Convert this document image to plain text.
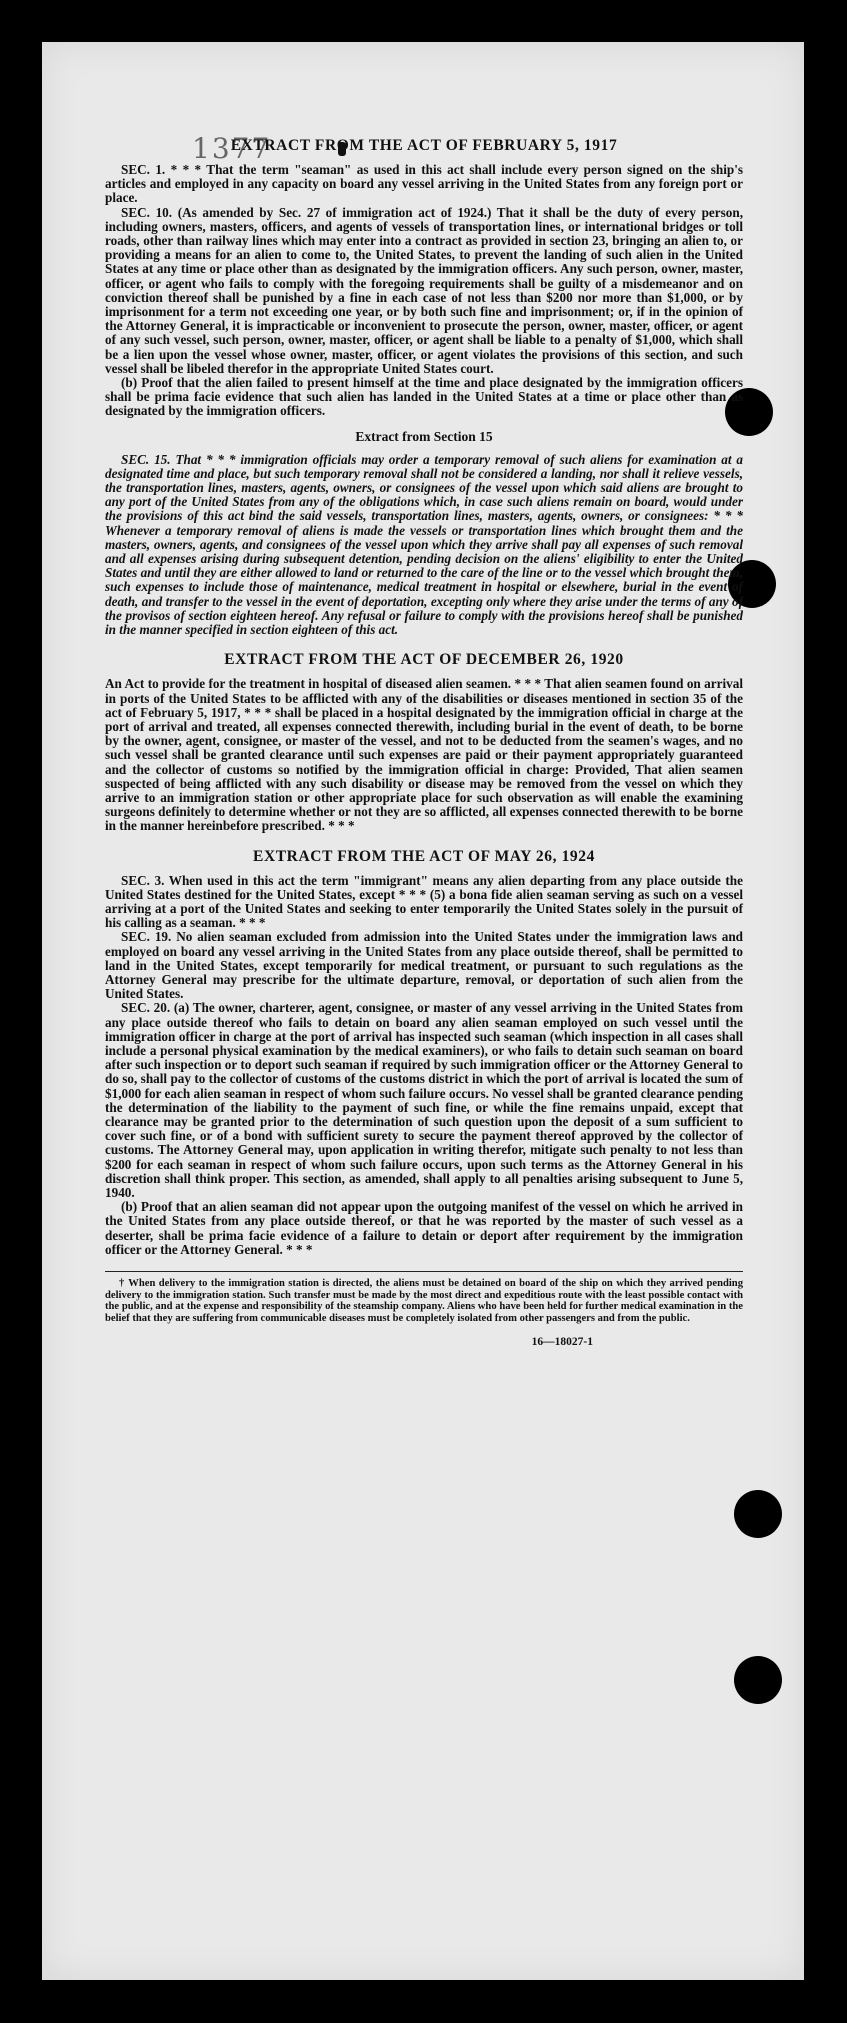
1377
EXTRACT FROM THE ACT OF FEBRUARY 5, 1917

SEC. 1. * * * That the term "seaman" as used in this act shall include every person signed on the ship's articles and employed in any capacity on board any vessel arriving in the United States from any foreign port or place.

SEC. 10. (As amended by Sec. 27 of immigration act of 1924.) That it shall be the duty of every person, including owners, masters, officers, and agents of vessels of transportation lines, or international bridges or toll roads, other than railway lines which may enter into a contract as provided in section 23, bringing an alien to, or providing a means for an alien to come to, the United States, to prevent the landing of such alien in the United States at any time or place other than as designated by the immigration officers. Any such person, owner, master, officer, or agent who fails to comply with the foregoing requirements shall be guilty of a misdemeanor and on conviction thereof shall be punished by a fine in each case of not less than $200 nor more than $1,000, or by imprisonment for a term not exceeding one year, or by both such fine and imprisonment; or, if in the opinion of the Attorney General, it is impracticable or inconvenient to prosecute the person, owner, master, officer, or agent of any such vessel, such person, owner, master, officer, or agent shall be liable to a penalty of $1,000, which shall be a lien upon the vessel whose owner, master, officer, or agent violates the provisions of this section, and such vessel shall be libeled therefor in the appropriate United States court.

(b) Proof that the alien failed to present himself at the time and place designated by the immigration officers shall be prima facie evidence that such alien has landed in the United States at a time or place other than as designated by the immigration officers.

Extract from Section 15

SEC. 15. That * * * immigration officials may order a temporary removal of such aliens for examination at a designated time and place, but such temporary removal shall not be considered a landing, nor shall it relieve vessels, the transportation lines, masters, agents, owners, or consignees of the vessel upon which said aliens are brought to any port of the United States from any of the obligations which, in case such aliens remain on board, would under the provisions of this act bind the said vessels, transportation lines, masters, agents, owners, or consignees: * * * Whenever a temporary removal of aliens is made the vessels or transportation lines which brought them and the masters, owners, agents, and consignees of the vessel upon which they arrive shall pay all expenses of such removal and all expenses arising during subsequent detention, pending decision on the aliens' eligibility to enter the United States and until they are either allowed to land or returned to the care of the line or to the vessel which brought them, such expenses to include those of maintenance, medical treatment in hospital or elsewhere, burial in the event of death, and transfer to the vessel in the event of deportation, excepting only where they arise under the terms of any of the provisos of section eighteen hereof. Any refusal or failure to comply with the provisions hereof shall be punished in the manner specified in section eighteen of this act.

EXTRACT FROM THE ACT OF DECEMBER 26, 1920

An Act to provide for the treatment in hospital of diseased alien seamen. * * * That alien seamen found on arrival in ports of the United States to be afflicted with any of the disabilities or diseases mentioned in section 35 of the act of February 5, 1917, * * * shall be placed in a hospital designated by the immigration official in charge at the port of arrival and treated, all expenses connected therewith, including burial in the event of death, to be borne by the owner, agent, consignee, or master of the vessel, and not to be deducted from the seamen's wages, and no such vessel shall be granted clearance until such expenses are paid or their payment appropriately guaranteed and the collector of customs so notified by the immigration official in charge: Provided, That alien seamen suspected of being afflicted with any such disability or disease may be removed from the vessel on which they arrive to an immigration station or other appropriate place for such observation as will enable the examining surgeons definitely to determine whether or not they are so afflicted, all expenses connected therewith to be borne in the manner hereinbefore prescribed. * * *

EXTRACT FROM THE ACT OF MAY 26, 1924

SEC. 3. When used in this act the term "immigrant" means any alien departing from any place outside the United States destined for the United States, except * * * (5) a bona fide alien seaman serving as such on a vessel arriving at a port of the United States and seeking to enter temporarily the United States solely in the pursuit of his calling as a seaman. * * *

SEC. 19. No alien seaman excluded from admission into the United States under the immigration laws and employed on board any vessel arriving in the United States from any place outside thereof, shall be permitted to land in the United States, except temporarily for medical treatment, or pursuant to such regulations as the Attorney General may prescribe for the ultimate departure, removal, or deportation of such alien from the United States.

SEC. 20. (a) The owner, charterer, agent, consignee, or master of any vessel arriving in the United States from any place outside thereof who fails to detain on board any alien seaman employed on such vessel until the immigration officer in charge at the port of arrival has inspected such seaman (which inspection in all cases shall include a personal physical examination by the medical examiners), or who fails to detain such seaman on board after such inspection or to deport such seaman if required by such immigration officer or the Attorney General to do so, shall pay to the collector of customs of the customs district in which the port of arrival is located the sum of $1,000 for each alien seaman in respect of whom such failure occurs. No vessel shall be granted clearance pending the determination of the liability to the payment of such fine, or while the fine remains unpaid, except that clearance may be granted prior to the determination of such question upon the deposit of a sum sufficient to cover such fine, or of a bond with sufficient surety to secure the payment thereof approved by the collector of customs. The Attorney General may, upon application in writing therefor, mitigate such penalty to not less than $200 for each seaman in respect of whom such failure occurs, upon such terms as the Attorney General in his discretion shall think proper. This section, as amended, shall apply to all penalties arising subsequent to June 5, 1940.

(b) Proof that an alien seaman did not appear upon the outgoing manifest of the vessel on which he arrived in the United States from any place outside thereof, or that he was reported by the master of such vessel as a deserter, shall be prima facie evidence of a failure to detain or deport after requirement by the immigration officer or the Attorney General. * * *

† When delivery to the immigration station is directed, the aliens must be detained on board of the ship on which they arrived pending delivery to the immigration station. Such transfer must be made by the most direct and expeditious route with the least possible contact with the public, and at the expense and responsibility of the steamship company. Aliens who have been held for further medical examination in the belief that they are suffering from communicable diseases must be completely isolated from other passengers and from the public.

16—18027-1
